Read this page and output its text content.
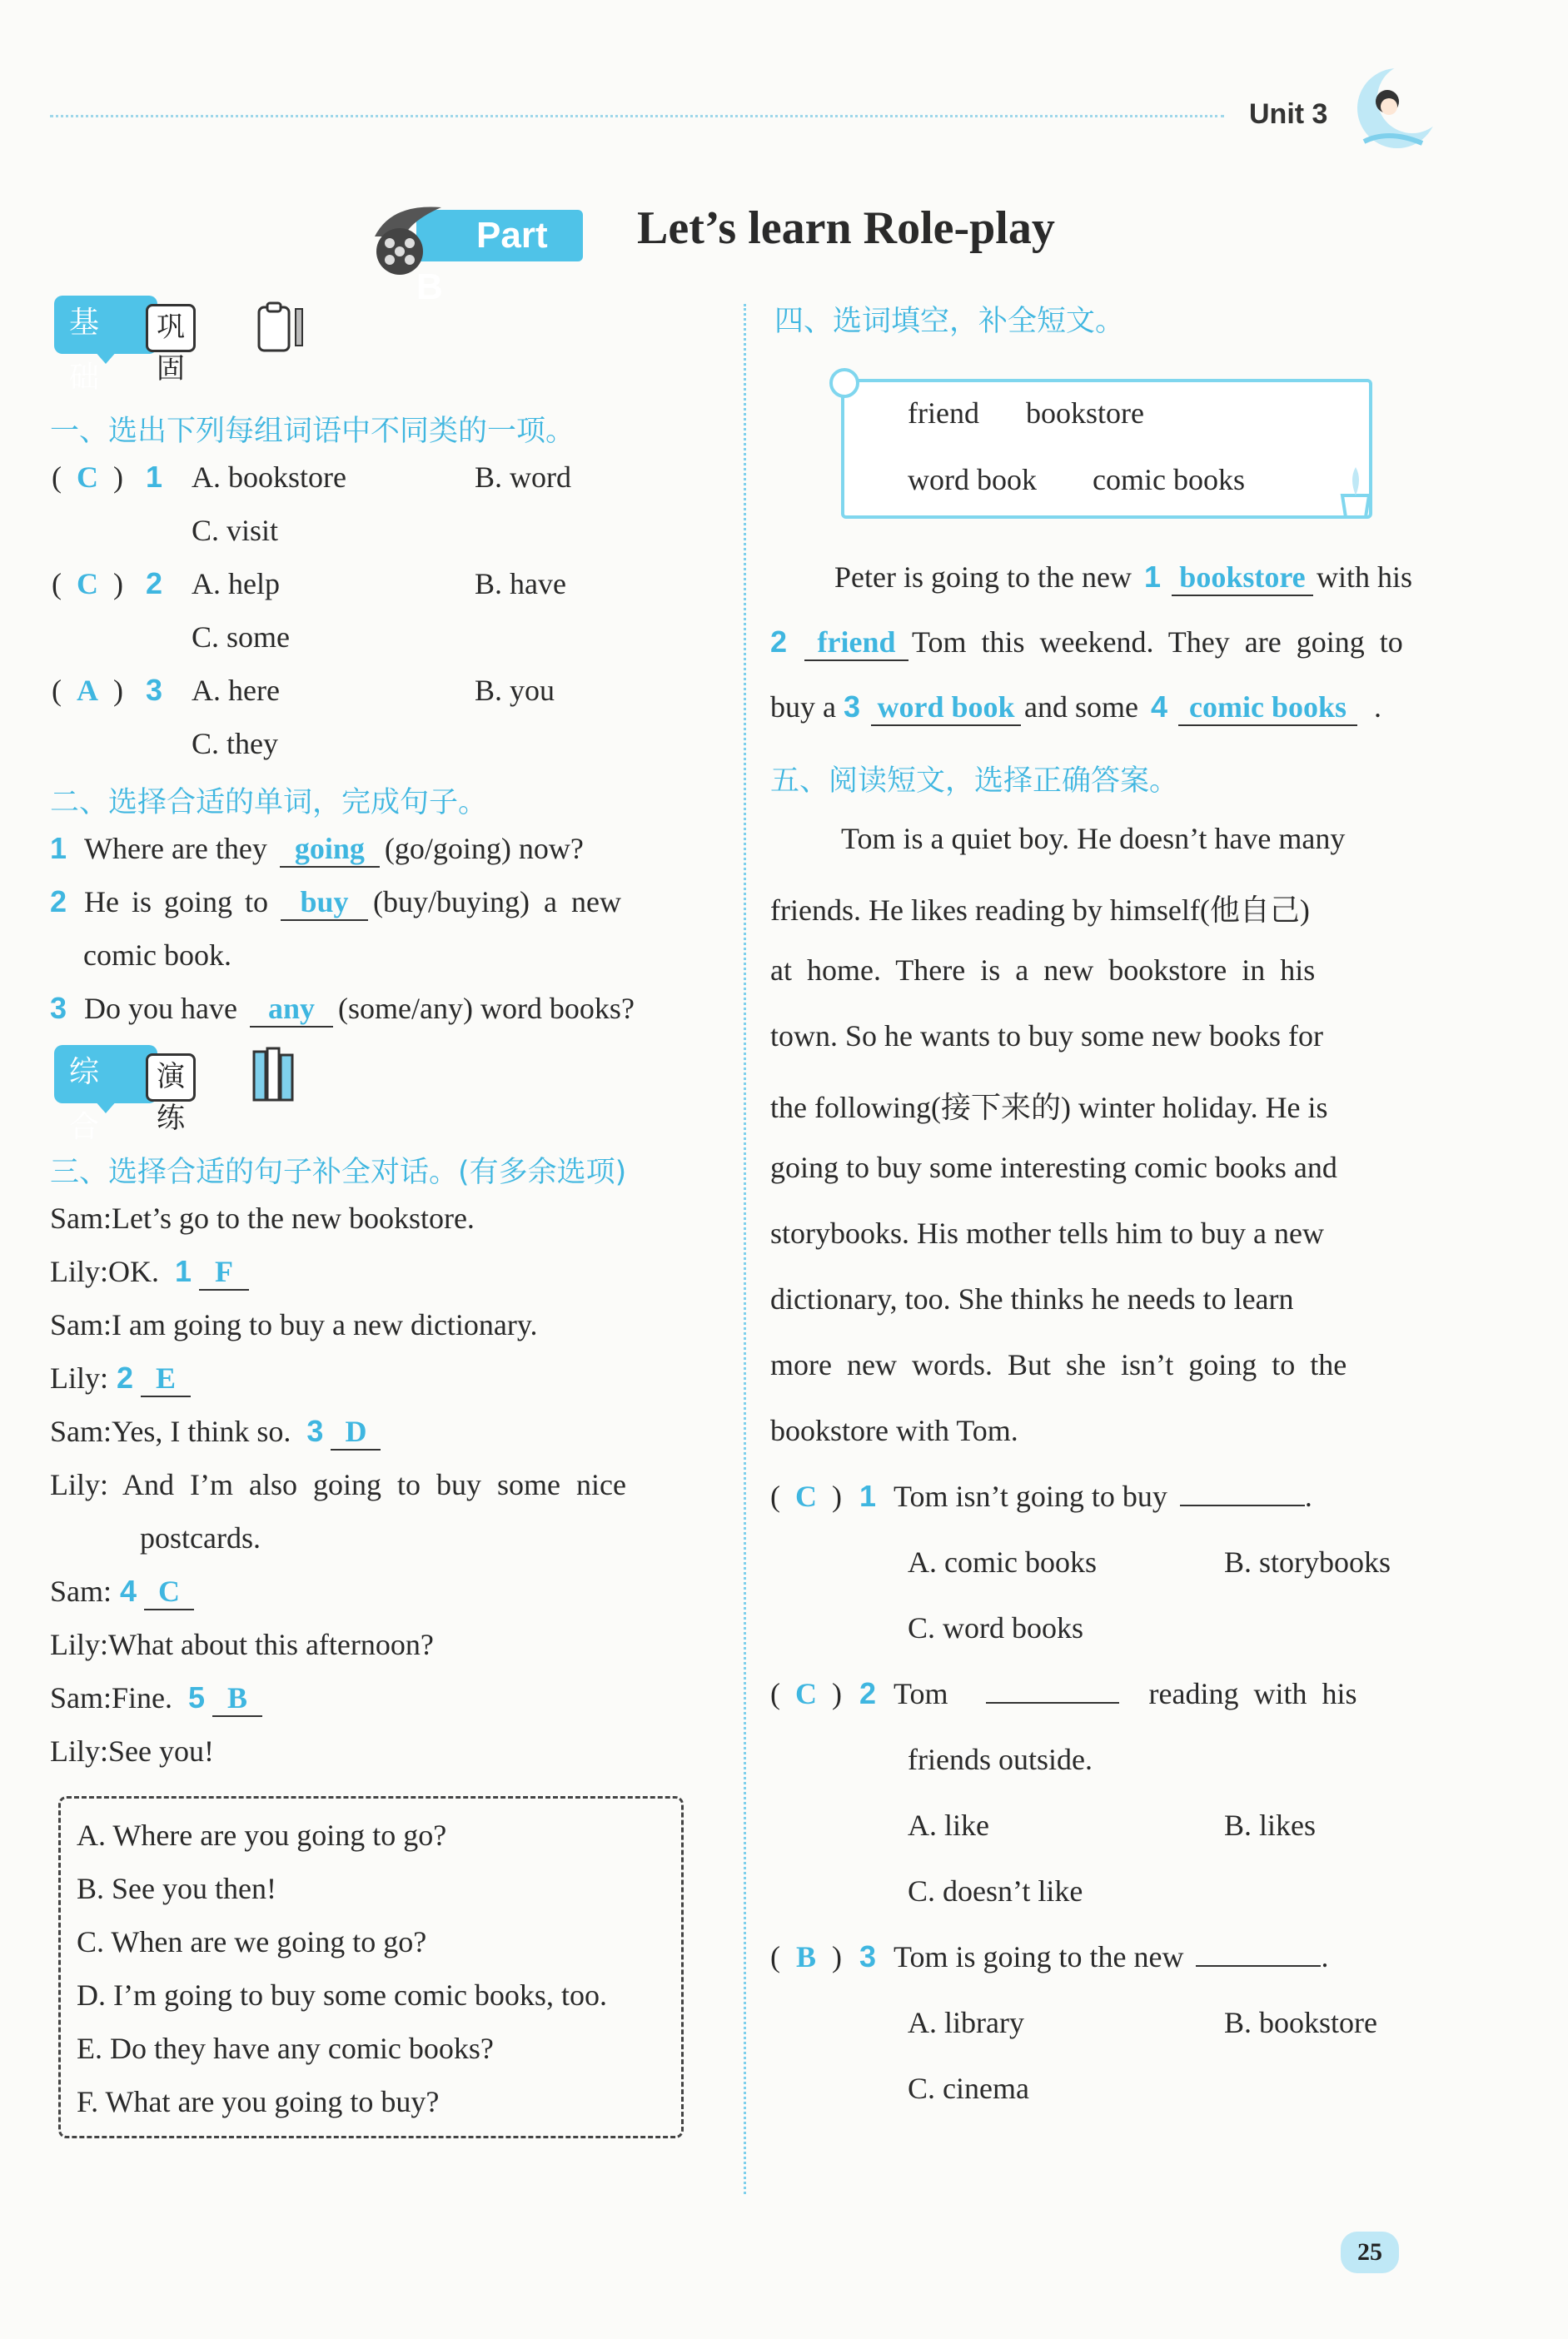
Unit 3
Part B
Let’s learn Role-play
基础
巩固
一、选出下列每组词语中不同类的一项。
( C ) 1 A. bookstore	B. word
C. visit
( C ) 2 A. help	B. have
C. some
( A ) 3 A. here	B. you
C. they
二、选择合适的单词，完成句子。
1 Where are they going (go/going) now?
2 He is going to buy (buy/buying) a new
comic book.
3 Do you have any (some/any) word books?
综合
演练
三、选择合适的句子补全对话。(有多余选项)
Sam:Let’s go to the new bookstore.
Lily:OK. 1 F
Sam:I am going to buy a new dictionary.
Lily: 2 E
Sam:Yes, I think so. 3 D
Lily: And I’m also going to buy some nice
postcards.
Sam: 4 C
Lily:What about this afternoon?
Sam:Fine. 5 B
Lily:See you!
A. Where are you going to go?
B. See you then!
C. When are we going to go?
D. I’m going to buy some comic books, too.
E. Do they have any comic books?
F. What are you going to buy?
四、选词填空，补全短文。
friend bookstore
word book comic books
Peter is going to the new 1 bookstore with his
2 friend Tom  this  weekend.  They  are  going  to
buy a 3 word book and some 4 comic books .
五、阅读短文，选择正确答案。
Tom is a quiet boy. He doesn’t have many
friends. He likes reading by himself(他自己)
at  home.  There  is  a  new  bookstore  in  his
town. So he wants to buy some new books for
the following(接下来的) winter holiday. He is
going to buy some interesting comic books and
storybooks. His mother tells him to buy a new
dictionary, too. She thinks he needs to learn
more  new  words.  But  she  isn’t  going  to  the
bookstore with Tom.
( C ) 1 Tom isn’t going to buy	.
A. comic books	B. storybooks
C. word books
( C ) 2 Tom	reading  with  his
friends outside.
A. like	B. likes
C. doesn’t like
( B ) 3 Tom is going to the new	.
A. library	B. bookstore
C. cinema
25
